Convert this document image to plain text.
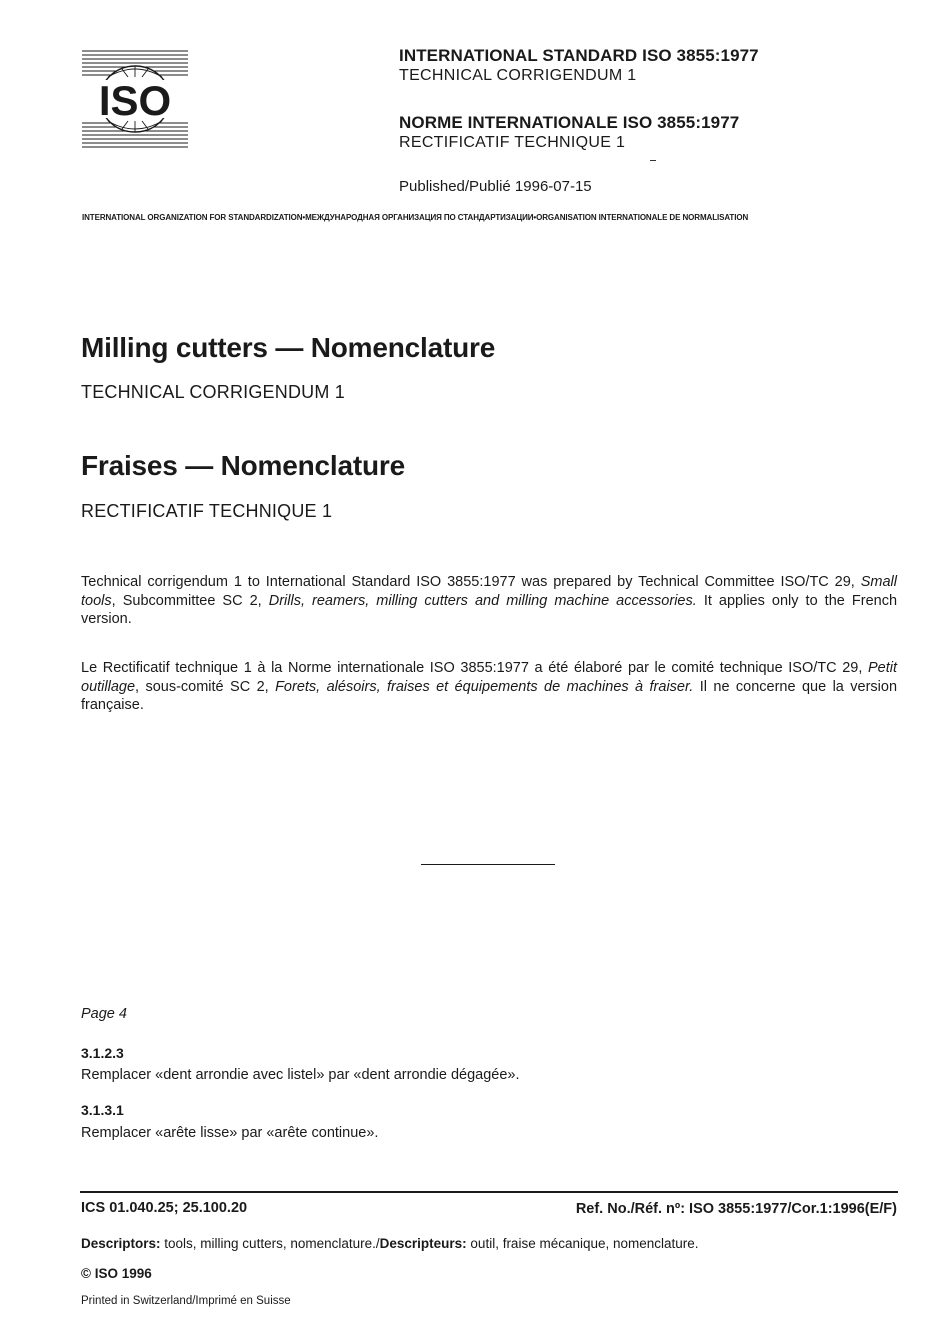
ISO
INTERNATIONAL STANDARD ISO 3855:1977
TECHNICAL CORRIGENDUM 1
NORME INTERNATIONALE ISO 3855:1977
RECTIFICATIF TECHNIQUE 1
Published/Publié 1996-07-15
INTERNATIONAL ORGANIZATION FOR STANDARDIZATION•МЕЖДУНАРОДНАЯ ОРГАНИЗАЦИЯ ПО СТАНДАРТИЗАЦИИ•ORGANISATION INTERNATIONALE DE NORMALISATION
Milling cutters — Nomenclature
TECHNICAL CORRIGENDUM 1
Fraises — Nomenclature
RECTIFICATIF TECHNIQUE 1
Technical corrigendum 1 to International Standard ISO 3855:1977 was prepared by Technical Committee ISO/TC 29, Small tools, Subcommittee SC 2, Drills, reamers, milling cutters and milling machine accessories. It applies only to the French version.
Le Rectificatif technique 1 à la Norme internationale ISO 3855:1977 a été élaboré par le comité technique ISO/TC 29, Petit outillage, sous-comité SC 2, Forets, alésoirs, fraises et équipements de machines à fraiser. Il ne concerne que la version française.
Page 4
3.1.2.3
Remplacer «dent arrondie avec listel» par «dent arrondie dégagée».
3.1.3.1
Remplacer «arête lisse» par «arête continue».
ICS 01.040.25; 25.100.20	Ref. No./Réf. nº: ISO 3855:1977/Cor.1:1996(E/F)
Descriptors: tools, milling cutters, nomenclature./Descripteurs: outil, fraise mécanique, nomenclature.
© ISO 1996
Printed in Switzerland/Imprimé en Suisse
